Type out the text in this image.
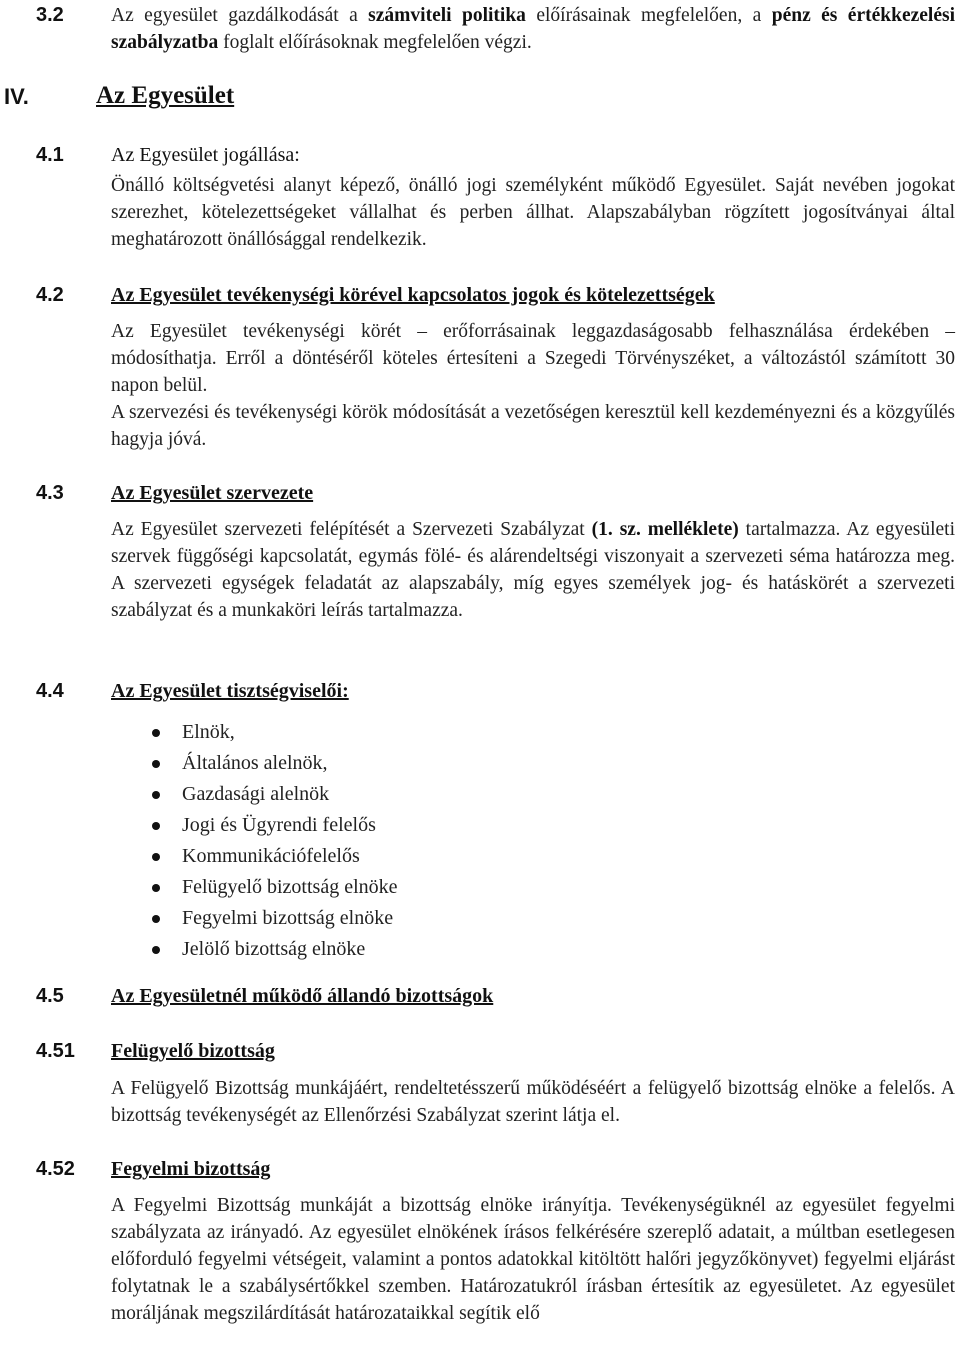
3.2 Az egyesület gazdálkodását a számviteli politika előírásainak megfelelően, a pénz és értékkezelési szabályzatba foglalt előírásoknak megfelelően végzi.

IV.	Az Egyesület
4.1 Az Egyesület jogállása:

Önálló költségvetési alanyt képező, önálló jogi személyként működő Egyesület. Saját nevében jogokat szerezhet, kötelezettségeket vállalhat és perben állhat. Alapszabályban rögzített jogosítványai által meghatározott önállósággal rendelkezik.

4.2 Az Egyesület tevékenységi körével kapcsolatos jogok és kötelezettségek

Az Egyesület tevékenységi körét – erőforrásainak leggazdaságosabb felhasználása érdekében – módosíthatja. Erről a döntéséről köteles értesíteni a Szegedi Törvényszéket, a változástól számított 30 napon belül.

A szervezési és tevékenységi körök módosítását a vezetőségen keresztül kell kezdeményezni és a közgyűlés hagyja jóvá.

4.3 Az Egyesület szervezete

Az Egyesület szervezeti felépítését a Szervezeti Szabályzat (1. sz. melléklete) tartalmazza. Az egyesületi szervek függőségi kapcsolatát, egymás fölé- és alárendeltségi viszonyait a szervezeti séma határozza meg. A szervezeti egységek feladatát az alapszabály, míg egyes személyek jog- és hatáskörét a szervezeti szabályzat és a munkaköri leírás tartalmazza.

4.4 Az Egyesület tisztségviselői:
Elnök,
Általános alelnök,
Gazdasági alelnök
Jogi és Ügyrendi felelős
Kommunikációfelelős
Felügyelő bizottság elnöke
Fegyelmi bizottság elnöke
Jelölő bizottság elnöke
4.5 Az Egyesületnél működő állandó bizottságok
4.51 Felügyelő bizottság

A Felügyelő Bizottság munkájáért, rendeltetésszerű működéséért a felügyelő bizottság elnöke a felelős. A bizottság tevékenységét az Ellenőrzési Szabályzat szerint látja el.

4.52 Fegyelmi bizottság

A Fegyelmi Bizottság munkáját a bizottság elnöke irányítja. Tevékenységüknél az egyesület fegyelmi szabályzata az irányadó. Az egyesület elnökének írásos felkérésére szereplő adatait, a múltban esetlegesen előforduló fegyelmi vétségeit, valamint a pontos adatokkal kitöltött halőri jegyzőkönyvet) fegyelmi eljárást folytatnak le a szabálysértőkkel szemben. Határozatukról írásban értesítik az egyesületet. Az egyesület moráljának megszilárdítását határozataikkal segítik elő
